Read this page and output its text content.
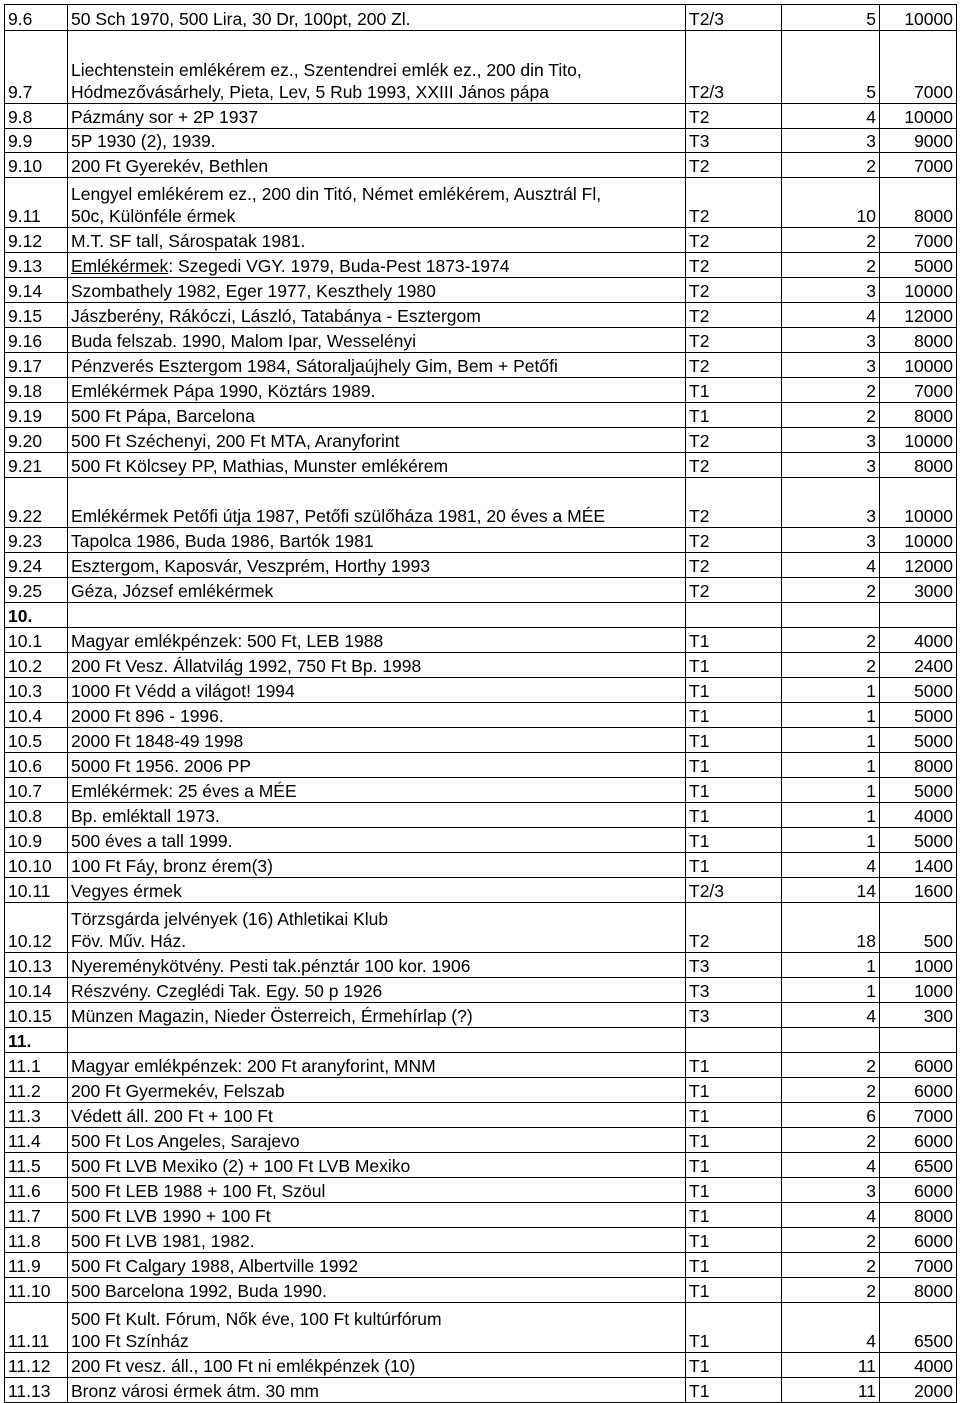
9.6	50 Sch 1970, 500 Lira, 30 Dr, 100pt, 200 Zl.	T2/3	5	10000
9.7	Liechtenstein emlékérem ez., Szentendrei emlék ez., 200 din Tito,
Hódmezővásárhely, Pieta, Lev, 5 Rub 1993, XXIII János pápa	T2/3	5	7000
9.8	Pázmány sor + 2P 1937	T2	4	10000
9.9	5P 1930 (2), 1939.	T3	3	9000
9.10	200 Ft Gyerekév, Bethlen	T2	2	7000
9.11	Lengyel emlékérem ez., 200 din Titó, Német emlékérem, Ausztrál Fl,
50c, Különféle érmek	T2	10	8000
9.12	M.T. SF tall, Sárospatak 1981.	T2	2	7000
9.13	Emlékérmek: Szegedi VGY. 1979, Buda-Pest 1873-1974	T2	2	5000
9.14	Szombathely 1982, Eger 1977, Keszthely 1980	T2	3	10000
9.15	Jászberény, Rákóczi, László, Tatabánya - Esztergom	T2	4	12000
9.16	Buda felszab. 1990, Malom Ipar, Wesselényi	T2	3	8000
9.17	Pénzverés Esztergom 1984, Sátoraljaújhely Gim, Bem + Petőfi	T2	3	10000
9.18	Emlékérmek Pápa 1990, Köztárs 1989.	T1	2	7000
9.19	500 Ft Pápa, Barcelona	T1	2	8000
9.20	500 Ft Széchenyi, 200 Ft MTA, Aranyforint	T2	3	10000
9.21	500 Ft Kölcsey PP, Mathias, Munster emlékérem	T2	3	8000
9.22	Emlékérmek Petőfi útja 1987, Petőfi szülőháza 1981, 20 éves a MÉE	T2	3	10000
9.23	Tapolca 1986, Buda 1986, Bartók 1981	T2	3	10000
9.24	Esztergom, Kaposvár, Veszprém, Horthy 1993	T2	4	12000
9.25	Géza, József emlékérmek	T2	2	3000
10.				
10.1	Magyar emlékpénzek: 500 Ft, LEB 1988	T1	2	4000
10.2	200 Ft Vesz. Állatvilág 1992, 750 Ft Bp. 1998	T1	2	2400
10.3	1000 Ft Védd a világot! 1994	T1	1	5000
10.4	2000 Ft 896 - 1996.	T1	1	5000
10.5	2000 Ft 1848-49 1998	T1	1	5000
10.6	5000 Ft 1956. 2006 PP	T1	1	8000
10.7	Emlékérmek: 25 éves a MÉE	T1	1	5000
10.8	Bp. emléktall 1973.	T1	1	4000
10.9	500 éves a tall 1999.	T1	1	5000
10.10	100 Ft Fáy, bronz érem(3)	T1	4	1400
10.11	Vegyes érmek	T2/3	14	1600
10.12	Törzsgárda jelvények (16) Athletikai Klub
Föv. Műv. Ház.	T2	18	500
10.13	Nyereménykötvény. Pesti tak.pénztár 100 kor. 1906	T3	1	1000
10.14	Részvény. Czeglédi Tak. Egy. 50 p 1926	T3	1	1000
10.15	Münzen Magazin, Nieder Österreich, Érmehírlap (?)	T3	4	300
11.				
11.1	Magyar emlékpénzek: 200 Ft aranyforint, MNM	T1	2	6000
11.2	200 Ft Gyermekév, Felszab	T1	2	6000
11.3	Védett áll. 200 Ft + 100 Ft	T1	6	7000
11.4	500 Ft Los Angeles, Sarajevo	T1	2	6000
11.5	500 Ft LVB Mexiko (2) + 100 Ft LVB Mexiko	T1	4	6500
11.6	500 Ft LEB 1988 + 100 Ft, Szöul	T1	3	6000
11.7	500 Ft LVB 1990 + 100 Ft	T1	4	8000
11.8	500 Ft LVB 1981, 1982.	T1	2	6000
11.9	500 Ft Calgary 1988, Albertville 1992	T1	2	7000
11.10	500 Barcelona 1992, Buda 1990.	T1	2	8000
11.11	500 Ft Kult. Fórum, Nők éve, 100 Ft kultúrfórum
100 Ft Színház	T1	4	6500
11.12	200 Ft vesz. áll., 100 Ft ni emlékpénzek (10)	T1	11	4000
11.13	Bronz városi érmek átm. 30 mm	T1	11	2000
